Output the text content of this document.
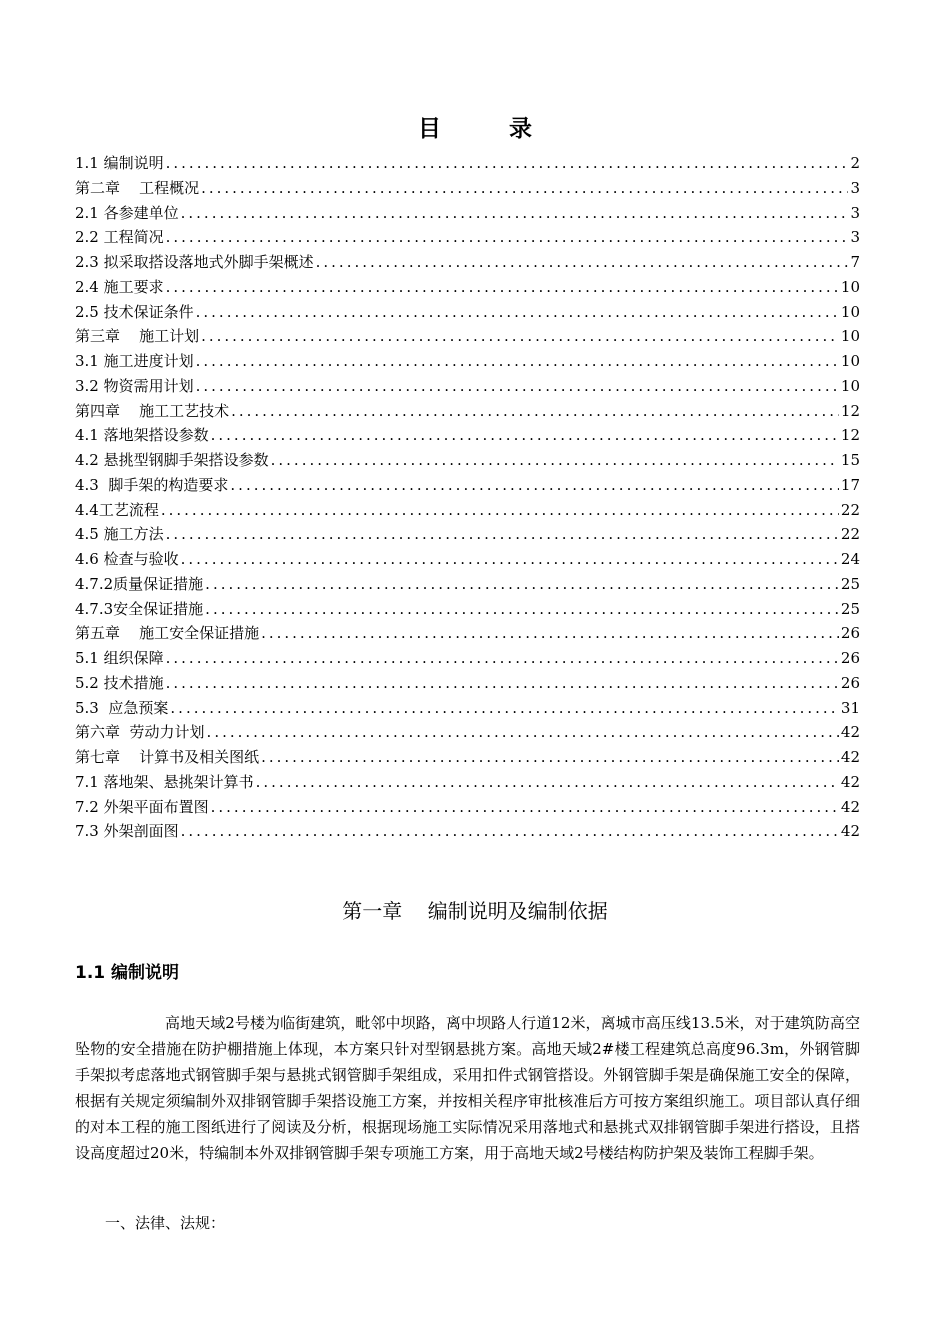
目 录
1.1 编制说明 .....	2
第二章    工程概况 .....	3
2.1 各参建单位 .....	3
2.2 工程简况 .....	3
2.3 拟采取搭设落地式外脚手架概述 .....	7
2.4 施工要求 .....	10
2.5 技术保证条件 .....	10
第三章    施工计划 .....	10
3.1 施工进度计划 .....	10
3.2 物资需用计划 .....	10
第四章    施工工艺技术 .....	12
4.1 落地架搭设参数 .....	12
4.2 悬挑型钢脚手架搭设参数 .....	15
4.3  脚手架的构造要求 .....	17
4.4工艺流程 .....	22
4.5 施工方法 .....	22
4.6 检查与验收 .....	24
4.7.2质量保证措施 .....	25
4.7.3安全保证措施 .....	25
第五章    施工安全保证措施 .....	26
5.1 组织保障 .....	26
5.2 技术措施 .....	26
5.3  应急预案 .....	31
第六章  劳动力计划 .....	42
第七章    计算书及相关图纸 .....	42
7.1 落地架、悬挑架计算书 .....	42
7.2 外架平面布置图 .....	42
7.3 外架剖面图 .....	42
第一章    编制说明及编制依据
1.1 编制说明
高地天域2号楼为临街建筑，毗邻中坝路，离中坝路人行道12米，离城市高压线13.5米，对于建筑防高空坠物的安全措施在防护棚措施上体现，本方案只针对型钢悬挑方案。高地天域2#楼工程建筑总高度96.3m，外钢管脚手架拟考虑落地式钢管脚手架与悬挑式钢管脚手架组成，采用扣件式钢管搭设。外钢管脚手架是确保施工安全的保障，根据有关规定须编制外双排钢管脚手架搭设施工方案，并按相关程序审批核准后方可按方案组织施工。项目部认真仔细的对本工程的施工图纸进行了阅读及分析，根据现场施工实际情况采用落地式和悬挑式双排钢管脚手架进行搭设，且搭设高度超过20米，特编制本外双排钢管脚手架专项施工方案，用于高地天域2号楼结构防护架及装饰工程脚手架。
一、法律、法规：
